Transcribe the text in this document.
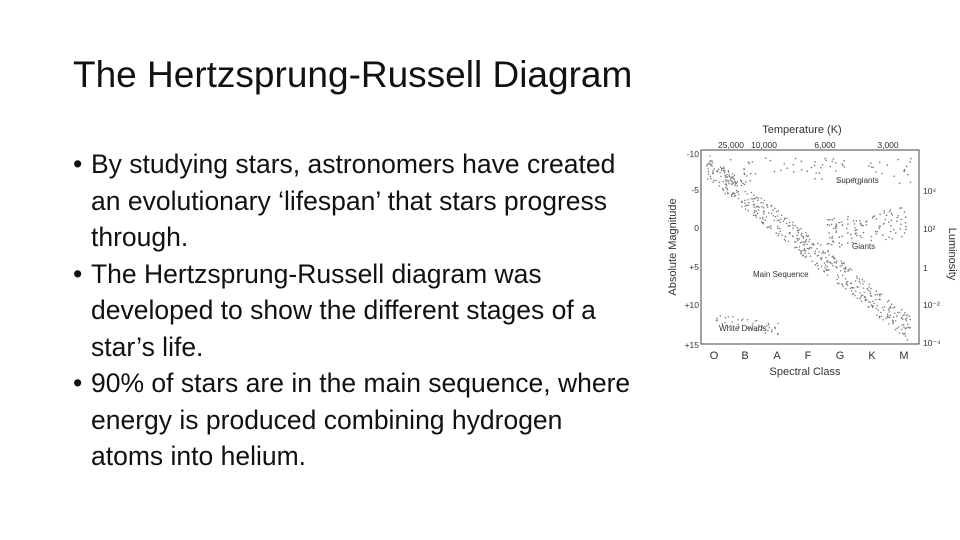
The Hertzsprung-Russell Diagram
• By studying stars, astronomers have created an evolutionary ‘lifespan’ that stars progress through.
• The Hertzsprung-Russell diagram was developed to show the different stages of a star’s life.
• 90% of stars are in the main sequence, where energy is produced combining hydrogen atoms into helium.
Temperature (K)
25,000 10,000	6,000	3,000
Absolute Magnitude
-10
-5
0
+5
+10
+15
Luminosity
10⁴
10²
1
10⁻²
10⁻⁴
O B A F G K M
Spectral Class
Supergiants
Giants
Main Sequence
White Dwarfs
